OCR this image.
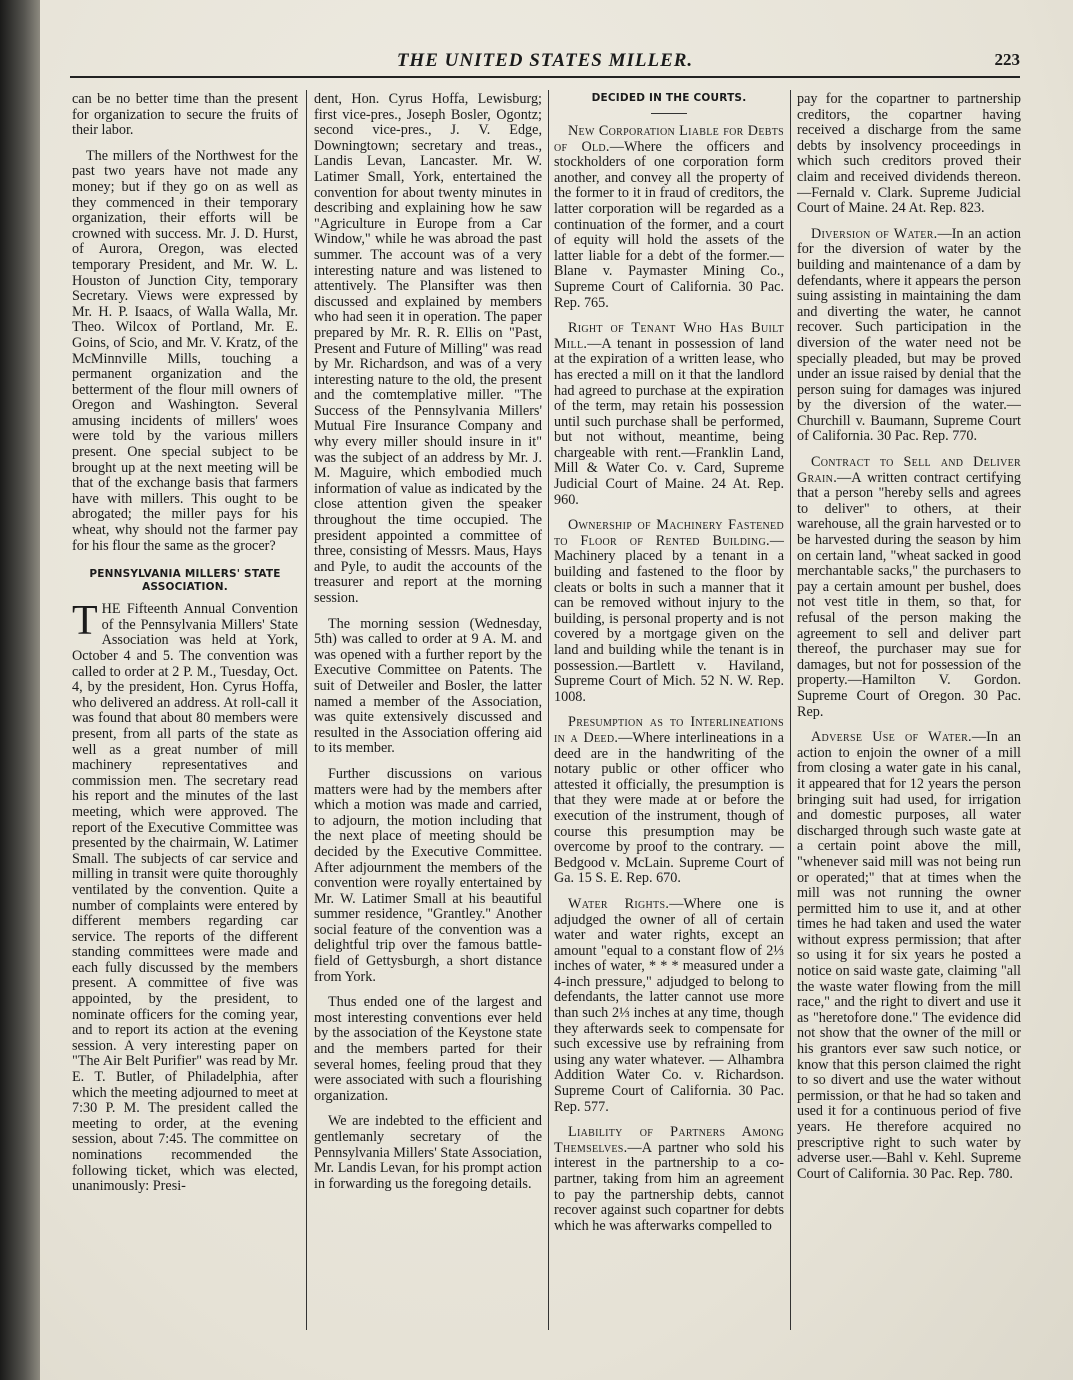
THE UNITED STATES MILLER.	223

can be no better time than the present for organization to secure the fruits of their labor.

The millers of the Northwest for the past two years have not made any money; but if they go on as well as they commenced in their temporary organization, their efforts will be crowned with success. Mr. J. D. Hurst, of Aurora, Oregon, was elected temporary President, and Mr. W. L. Houston of Junction City, temporary Secretary. Views were expressed by Mr. H. P. Isaacs, of Walla Walla, Mr. Theo. Wilcox of Portland, Mr. E. Goins, of Scio, and Mr. V. Kratz, of the McMinnville Mills, touching a permanent organization and the betterment of the flour mill owners of Oregon and Washington. Several amusing incidents of millers' woes were told by the various millers present. One special subject to be brought up at the next meeting will be that of the exchange basis that farmers have with millers. This ought to be abrogated; the miller pays for his wheat, why should not the farmer pay for his flour the same as the grocer?

PENNSYLVANIA MILLERS' STATE ASSOCIATION.

THE Fifteenth Annual Convention of the Pennsylvania Millers' State Association was held at York, October 4 and 5. The convention was called to order at 2 P. M., Tuesday, Oct. 4, by the president, Hon. Cyrus Hoffa, who delivered an address. At roll-call it was found that about 80 members were present, from all parts of the state as well as a great number of mill machinery representatives and commission men. The secretary read his report and the minutes of the last meeting, which were approved. The report of the Executive Committee was presented by the chairmain, W. Latimer Small. The subjects of car service and milling in transit were quite thoroughly ventilated by the convention. Quite a number of complaints were entered by different members regarding car service. The reports of the different standing committees were made and each fully discussed by the members present. A committee of five was appointed, by the president, to nominate officers for the coming year, and to report its action at the evening session. A very interesting paper on "The Air Belt Purifier" was read by Mr. E. T. Butler, of Philadelphia, after which the meeting adjourned to meet at 7:30 P. M. The president called the meeting to order, at the evening session, about 7:45. The committee on nominations recommended the following ticket, which was elected, unanimously: Presi-

dent, Hon. Cyrus Hoffa, Lewisburg; first vice-pres., Joseph Bosler, Ogontz; second vice-pres., J. V. Edge, Downingtown; secretary and treas., Landis Levan, Lancaster. Mr. W. Latimer Small, York, entertained the convention for about twenty minutes in describing and explaining how he saw "Agriculture in Europe from a Car Window," while he was abroad the past summer. The account was of a very interesting nature and was listened to attentively. The Plansifter was then discussed and explained by members who had seen it in operation. The paper prepared by Mr. R. R. Ellis on "Past, Present and Future of Milling" was read by Mr. Richardson, and was of a very interesting nature to the old, the present and the comtemplative miller. "The Success of the Pennsylvania Millers' Mutual Fire Insurance Company and why every miller should insure in it" was the subject of an address by Mr. J. M. Maguire, which embodied much information of value as indicated by the close attention given the speaker throughout the time occupied. The president appointed a committee of three, consisting of Messrs. Maus, Hays and Pyle, to audit the accounts of the treasurer and report at the morning session.

The morning session (Wednesday, 5th) was called to order at 9 A. M. and was opened with a further report by the Executive Committee on Patents. The suit of Detweiler and Bosler, the latter named a member of the Association, was quite extensively discussed and resulted in the Association offering aid to its member.

Further discussions on various matters were had by the members after which a motion was made and carried, to adjourn, the motion including that the next place of meeting should be decided by the Executive Committee. After adjournment the members of the convention were royally entertained by Mr. W. Latimer Small at his beautiful summer residence, "Grantley." Another social feature of the convention was a delightful trip over the famous battle-field of Gettysburgh, a short distance from York.

Thus ended one of the largest and most interesting conventions ever held by the association of the Keystone state and the members parted for their several homes, feeling proud that they were associated with such a flourishing organization.

We are indebted to the efficient and gentlemanly secretary of the Pennsylvania Millers' State Association, Mr. Landis Levan, for his prompt action in forwarding us the foregoing details.

DECIDED IN THE COURTS.

New Corporation Liable for Debts of Old.—Where the officers and stockholders of one corporation form another, and convey all the property of the former to it in fraud of creditors, the latter corporation will be regarded as a continuation of the former, and a court of equity will hold the assets of the latter liable for a debt of the former.—Blane v. Paymaster Mining Co., Supreme Court of California. 30 Pac. Rep. 765.

Right of Tenant Who Has Built Mill.—A tenant in possession of land at the expiration of a written lease, who has erected a mill on it that the landlord had agreed to purchase at the expiration of the term, may retain his possession until such purchase shall be performed, but not without, meantime, being chargeable with rent.—Franklin Land, Mill & Water Co. v. Card, Supreme Judicial Court of Maine. 24 At. Rep. 960.

Ownership of Machinery Fastened to Floor of Rented Building.— Machinery placed by a tenant in a building and fastened to the floor by cleats or bolts in such a manner that it can be removed without injury to the building, is personal property and is not covered by a mortgage given on the land and building while the tenant is in possession.—Bartlett v. Haviland, Supreme Court of Mich. 52 N. W. Rep. 1008.

Presumption as to Interlineations in a Deed.—Where interlineations in a deed are in the handwriting of the notary public or other officer who attested it officially, the presumption is that they were made at or before the execution of the instrument, though of course this presumption may be overcome by proof to the contrary. —Bedgood v. McLain. Supreme Court of Ga. 15 S. E. Rep. 670.

Water Rights.—Where one is adjudged the owner of all of certain water and water rights, except an amount "equal to a constant flow of 2⅓ inches of water, * * * measured under a 4-inch pressure," adjudged to belong to defendants, the latter cannot use more than such 2⅓ inches at any time, though they afterwards seek to compensate for such excessive use by refraining from using any water whatever. — Alhambra Addition Water Co. v. Richardson. Supreme Court of California. 30 Pac. Rep. 577.

Liability of Partners Among Themselves.—A partner who sold his interest in the partnership to a co-partner, taking from him an agreement to pay the partnership debts, cannot recover against such copartner for debts which he was afterwarks compelled to

pay for the copartner to partnership creditors, the copartner having received a discharge from the same debts by insolvency proceedings in which such creditors proved their claim and received dividends thereon.—Fernald v. Clark. Supreme Judicial Court of Maine. 24 At. Rep. 823.

Diversion of Water.—In an action for the diversion of water by the building and maintenance of a dam by defendants, where it appears the person suing assisting in maintaining the dam and diverting the water, he cannot recover. Such participation in the diversion of the water need not be specially pleaded, but may be proved under an issue raised by denial that the person suing for damages was injured by the diversion of the water.—Churchill v. Baumann, Supreme Court of California. 30 Pac. Rep. 770.

Contract to Sell and Deliver Grain.—A written contract certifying that a person "hereby sells and agrees to deliver" to others, at their warehouse, all the grain harvested or to be harvested during the season by him on certain land, "wheat sacked in good merchantable sacks," the purchasers to pay a certain amount per bushel, does not vest title in them, so that, for refusal of the person making the agreement to sell and deliver part thereof, the purchaser may sue for damages, but not for possession of the property.—Hamilton V. Gordon. Supreme Court of Oregon. 30 Pac. Rep.

Adverse Use of Water.—In an action to enjoin the owner of a mill from closing a water gate in his canal, it appeared that for 12 years the person bringing suit had used, for irrigation and domestic purposes, all water discharged through such waste gate at a certain point above the mill, "whenever said mill was not being run or operated;" that at times when the mill was not running the owner permitted him to use it, and at other times he had taken and used the water without express permission; that after so using it for six years he posted a notice on said waste gate, claiming "all the waste water flowing from the mill race," and the right to divert and use it as "heretofore done." The evidence did not show that the owner of the mill or his grantors ever saw such notice, or know that this person claimed the right to so divert and use the water without permission, or that he had so taken and used it for a continuous period of five years. He therefore acquired no prescriptive right to such water by adverse user.—Bahl v. Kehl. Supreme Court of California. 30 Pac. Rep. 780.
